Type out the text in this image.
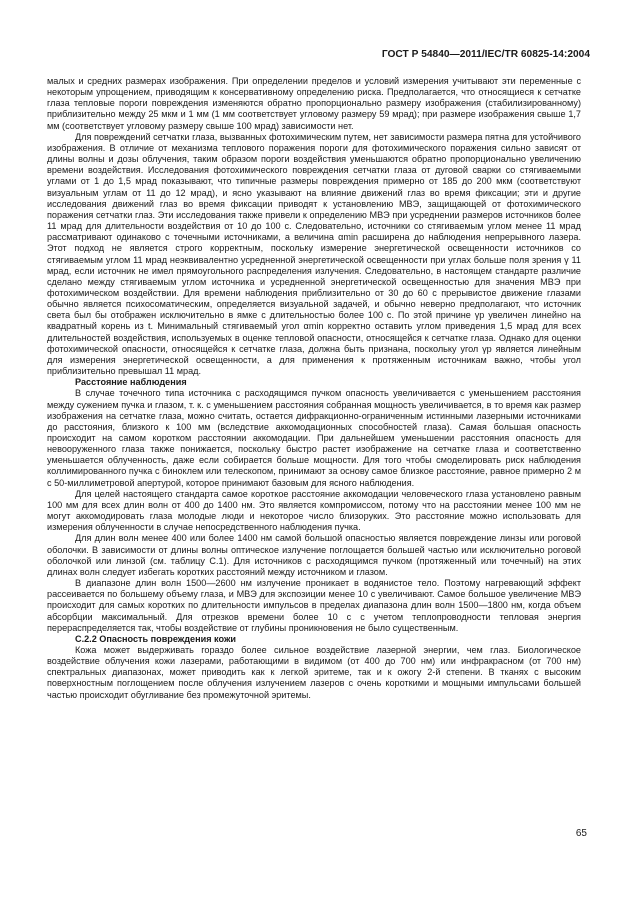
ГОСТ Р 54840—2011/IEC/TR 60825-14:2004

малых и средних размерах изображения. При определении пределов и условий измерения учитывают эти переменные с некоторым упрощением, приводящим к консервативному определению риска. Предполагается, что относящиеся к сетчатке глаза тепловые пороги повреждения изменяются обратно пропорционально размеру изображения (стабилизированному) приблизительно между 25 мкм и 1 мм (1 мм соответствует угловому размеру 59 мрад); при размере изображения свыше 1,7 мм (соответствует угловому размеру свыше 100 мрад) зависимости нет.

Для повреждений сетчатки глаза, вызванных фотохимическим путем, нет зависимости размера пятна для устойчивого изображения. В отличие от механизма теплового поражения пороги для фотохимического поражения сильно зависят от длины волны и дозы облучения, таким образом пороги воздействия уменьшаются обратно пропорционально увеличению времени воздействия. Исследования фотохимического повреждения сетчатки глаза от дуговой сварки со стягиваемыми углами от 1 до 1,5 мрад показывают, что типичные размеры повреждения примерно от 185 до 200 мкм (соответствуют визуальным углам от 11 до 12 мрад), и ясно указывают на влияние движений глаз во время фиксации; эти и другие исследования движений глаз во время фиксации приводят к установлению МВЭ, защищающей от фотохимического поражения сетчатки глаз. Эти исследования также привели к определению МВЭ при усреднении размеров источников более 11 мрад для длительности воздействия от 10 до 100 с. Следовательно, источники со стягиваемым углом менее 11 мрад рассматривают одинаково с точечными источниками, а величина αmin расширена до наблюдения непрерывного лазера. Этот подход не является строго корректным, поскольку измерение энергетической освещенности источников со стягиваемым углом 11 мрад неэквивалентно усредненной энергетической освещенности при углах больше поля зрения γ 11 мрад, если источник не имел прямоугольного распределения излучения. Следовательно, в настоящем стандарте различие сделано между стягиваемым углом источника и усредненной энергетической освещенностью для значения МВЭ при фотохимическом воздействии. Для времени наблюдения приблизительно от 30 до 60 с прерывистое движение глазами обычно является психосоматическим, определяется визуальной задачей, и обычно неверно предполагают, что источник света был бы отображен исключительно в ямке с длительностью более 100 с. По этой причине γp увеличен линейно на квадратный корень из t. Минимальный стягиваемый угол αmin корректно оставить углом приведения 1,5 мрад для всех длительностей воздействия, используемых в оценке тепловой опасности, относящейся к сетчатке глаза. Однако для оценки фотохимической опасности, относящейся к сетчатке глаза, должна быть признана, поскольку угол γp является линейным для измерения энергетической освещенности, а для применения к протяженным источникам важно, чтобы угол приблизительно превышал 11 мрад.

Расстояние наблюдения

В случае точечного типа источника с расходящимся пучком опасность увеличивается с уменьшением расстояния между сужением пучка и глазом, т. к. с уменьшением расстояния собранная мощность увеличивается, в то время как размер изображения на сетчатке глаза, можно считать, остается дифракционно-ограниченным истинными лазерными источниками до расстояния, близкого к 100 мм (вследствие аккомодационных способностей глаза). Самая большая опасность происходит на самом коротком расстоянии аккомодации. При дальнейшем уменьшении расстояния опасность для невооруженного глаза также понижается, поскольку быстро растет изображение на сетчатке глаза и соответственно уменьшается облученность, даже если собирается больше мощности. Для того чтобы смоделировать риск наблюдения коллимированного пучка с биноклем или телескопом, принимают за основу самое близкое расстояние, равное примерно 2 м с 50-миллиметровой апертурой, которое принимают базовым для ясного наблюдения.

Для целей настоящего стандарта самое короткое расстояние аккомодации человеческого глаза установлено равным 100 мм для всех длин волн от 400 до 1400 нм. Это является компромиссом, потому что на расстоянии менее 100 мм не могут аккомодировать глаза молодые люди и некоторое число близоруких. Это расстояние можно использовать для измерения облученности в случае непосредственного наблюдения пучка.

Для длин волн менее 400 или более 1400 нм самой большой опасностью является повреждение линзы или роговой оболочки. В зависимости от длины волны оптическое излучение поглощается большей частью или исключительно роговой оболочкой или линзой (см. таблицу С.1). Для источников с расходящимся пучком (протяженный или точечный) на этих длинах волн следует избегать коротких расстояний между источником и глазом.

В диапазоне длин волн 1500—2600 нм излучение проникает в водянистое тело. Поэтому нагревающий эффект рассеивается по большему объему глаза, и МВЭ для экспозиции менее 10 с увеличивают. Самое большое увеличение МВЭ происходит для самых коротких по длительности импульсов в пределах диапазона длин волн 1500—1800 нм, когда объем абсорбции максимальный. Для отрезков времени более 10 с с учетом теплопроводности тепловая энергия перераспределяется так, чтобы воздействие от глубины проникновения не было существенным.

С.2.2 Опасность повреждения кожи

Кожа может выдерживать гораздо более сильное воздействие лазерной энергии, чем глаз. Биологическое воздействие облучения кожи лазерами, работающими в видимом (от 400 до 700 нм) или инфракрасном (от 700 нм) спектральных диапазонах, может приводить как к легкой эритеме, так и к ожогу 2-й степени. В тканях с высоким поверхностным поглощением после облучения излучением лазеров с очень короткими и мощными импульсами большей частью происходит обугливание без промежуточной эритемы.

65
